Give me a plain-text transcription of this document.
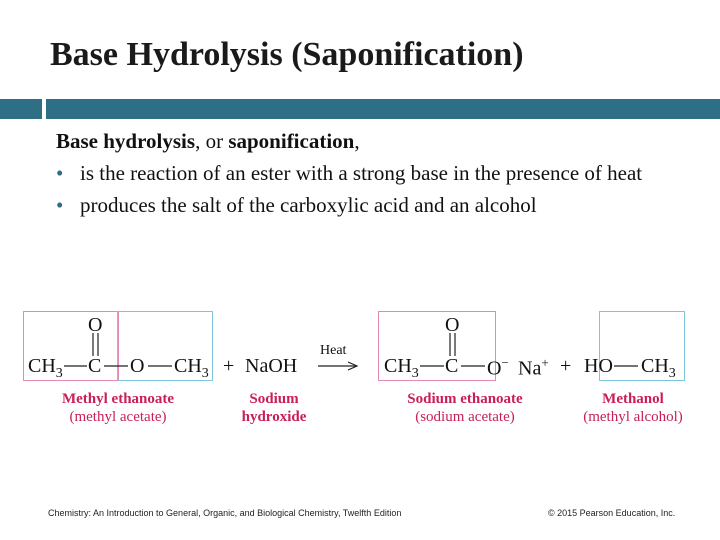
Base Hydrolysis (Saponification)
Base hydrolysis, or saponification,
• is the reaction of an ester with a strong base in the presence of heat
• produces the salt of the carboxylic acid and an alcohol
O
$CH_3$ C O $CH_3$ + NaOH
Heat
O
$CH_3$ C O− Na+ + HO $CH_3$
Methyl ethanoate
(methyl acetate)
Sodium
hydroxide
Sodium ethanoate
(sodium acetate)
Methanol
(methyl alcohol)
Chemistry: An Introduction to General, Organic, and Biological Chemistry, Twelfth Edition	© 2015 Pearson Education, Inc.
